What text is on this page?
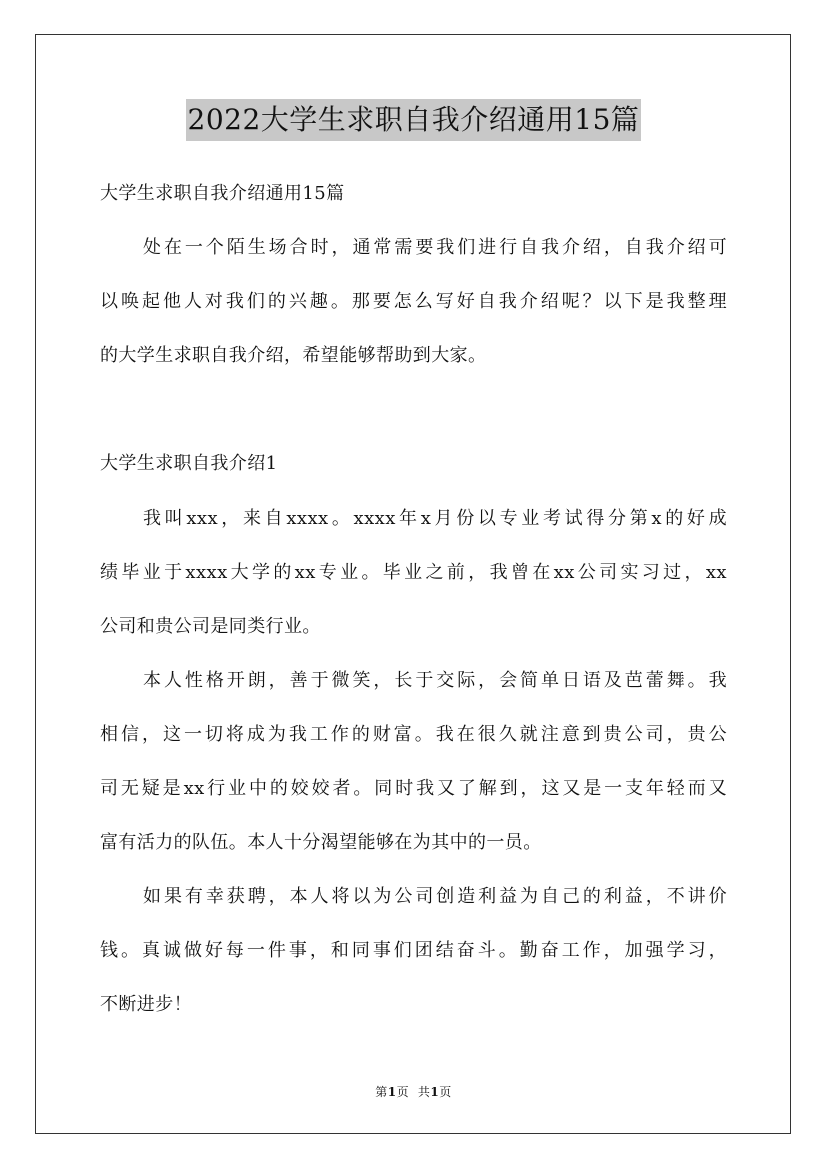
2022大学生求职自我介绍通用15篇
大学生求职自我介绍通用15篇
处在一个陌生场合时，通常需要我们进行自我介绍，自我介绍可
以唤起他人对我们的兴趣。那要怎么写好自我介绍呢？以下是我整理
的大学生求职自我介绍，希望能够帮助到大家。
大学生求职自我介绍1
我叫xxx，来自xxxx。xxxx年x月份以专业考试得分第x的好成
绩毕业于xxxx大学的xx专业。毕业之前，我曾在xx公司实习过，xx
公司和贵公司是同类行业。
本人性格开朗，善于微笑，长于交际，会简单日语及芭蕾舞。我
相信，这一切将成为我工作的财富。我在很久就注意到贵公司，贵公
司无疑是xx行业中的姣姣者。同时我又了解到，这又是一支年轻而又
富有活力的队伍。本人十分渴望能够在为其中的一员。
如果有幸获聘，本人将以为公司创造利益为自己的利益，不讲价
钱。真诚做好每一件事，和同事们团结奋斗。勤奋工作，加强学习，
不断进步！
第1页 共1页
